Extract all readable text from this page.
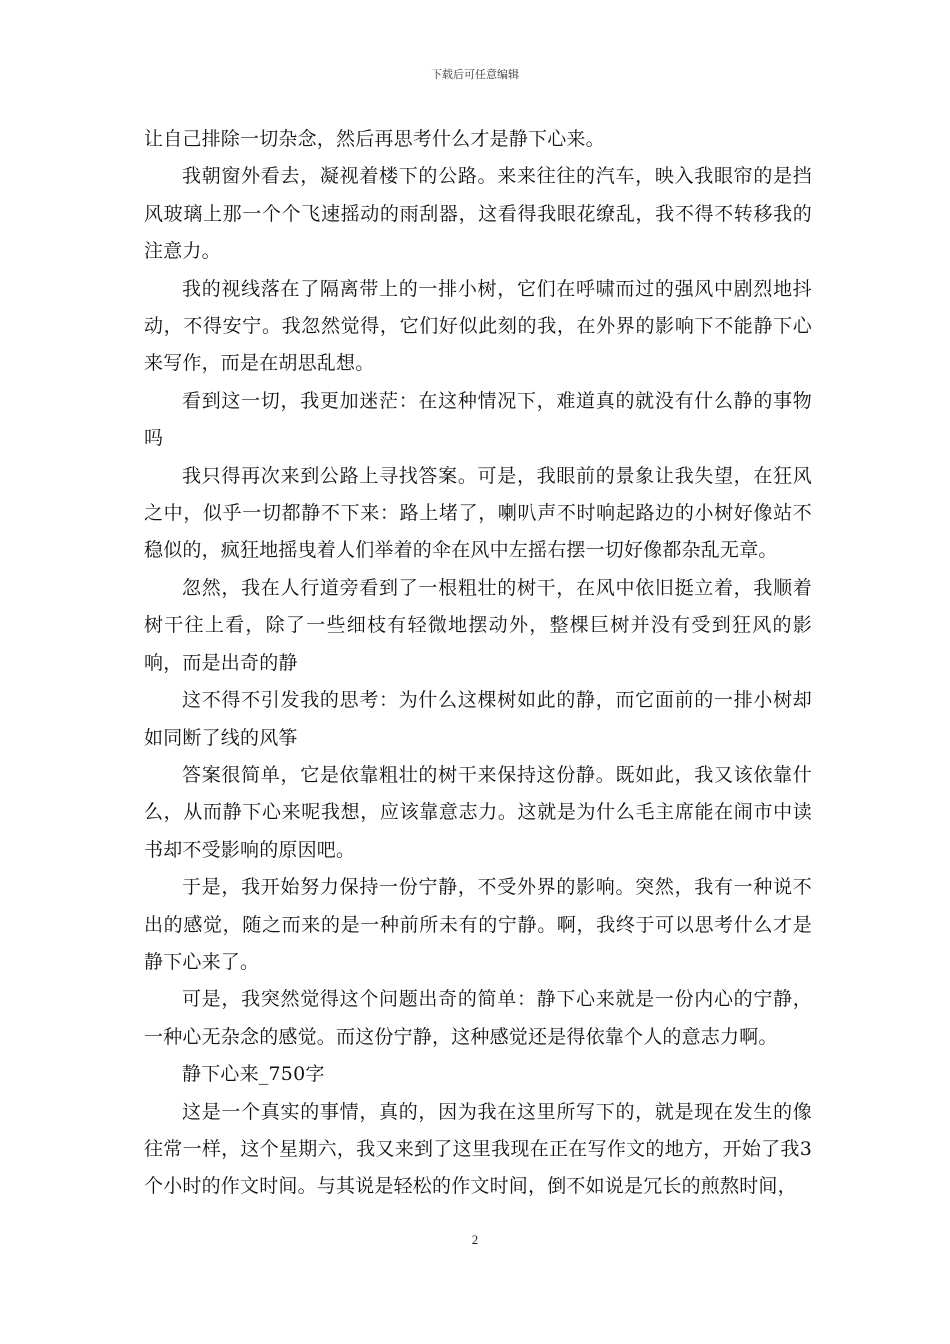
下载后可任意编辑

让自己排除一切杂念，然后再思考什么才是静下心来。

我朝窗外看去，凝视着楼下的公路。来来往往的汽车，映入我眼帘的是挡风玻璃上那一个个飞速摇动的雨刮器，这看得我眼花缭乱，我不得不转移我的注意力。

我的视线落在了隔离带上的一排小树，它们在呼啸而过的强风中剧烈地抖动，不得安宁。我忽然觉得，它们好似此刻的我，在外界的影响下不能静下心来写作，而是在胡思乱想。

看到这一切，我更加迷茫：在这种情况下，难道真的就没有什么静的事物吗

我只得再次来到公路上寻找答案。可是，我眼前的景象让我失望，在狂风之中，似乎一切都静不下来：路上堵了，喇叭声不时响起路边的小树好像站不稳似的，疯狂地摇曳着人们举着的伞在风中左摇右摆一切好像都杂乱无章。

忽然，我在人行道旁看到了一根粗壮的树干，在风中依旧挺立着，我顺着树干往上看，除了一些细枝有轻微地摆动外，整棵巨树并没有受到狂风的影响，而是出奇的静

这不得不引发我的思考：为什么这棵树如此的静，而它面前的一排小树却如同断了线的风筝

答案很简单，它是依靠粗壮的树干来保持这份静。既如此，我又该依靠什么，从而静下心来呢我想，应该靠意志力。这就是为什么毛主席能在闹市中读书却不受影响的原因吧。

于是，我开始努力保持一份宁静，不受外界的影响。突然，我有一种说不出的感觉，随之而来的是一种前所未有的宁静。啊，我终于可以思考什么才是静下心来了。

可是，我突然觉得这个问题出奇的简单：静下心来就是一份内心的宁静，一种心无杂念的感觉。而这份宁静，这种感觉还是得依靠个人的意志力啊。

静下心来_750字

这是一个真实的事情，真的，因为我在这里所写下的，就是现在发生的像往常一样，这个星期六，我又来到了这里我现在正在写作文的地方，开始了我3个小时的作文时间。与其说是轻松的作文时间，倒不如说是冗长的煎熬时间，

2
